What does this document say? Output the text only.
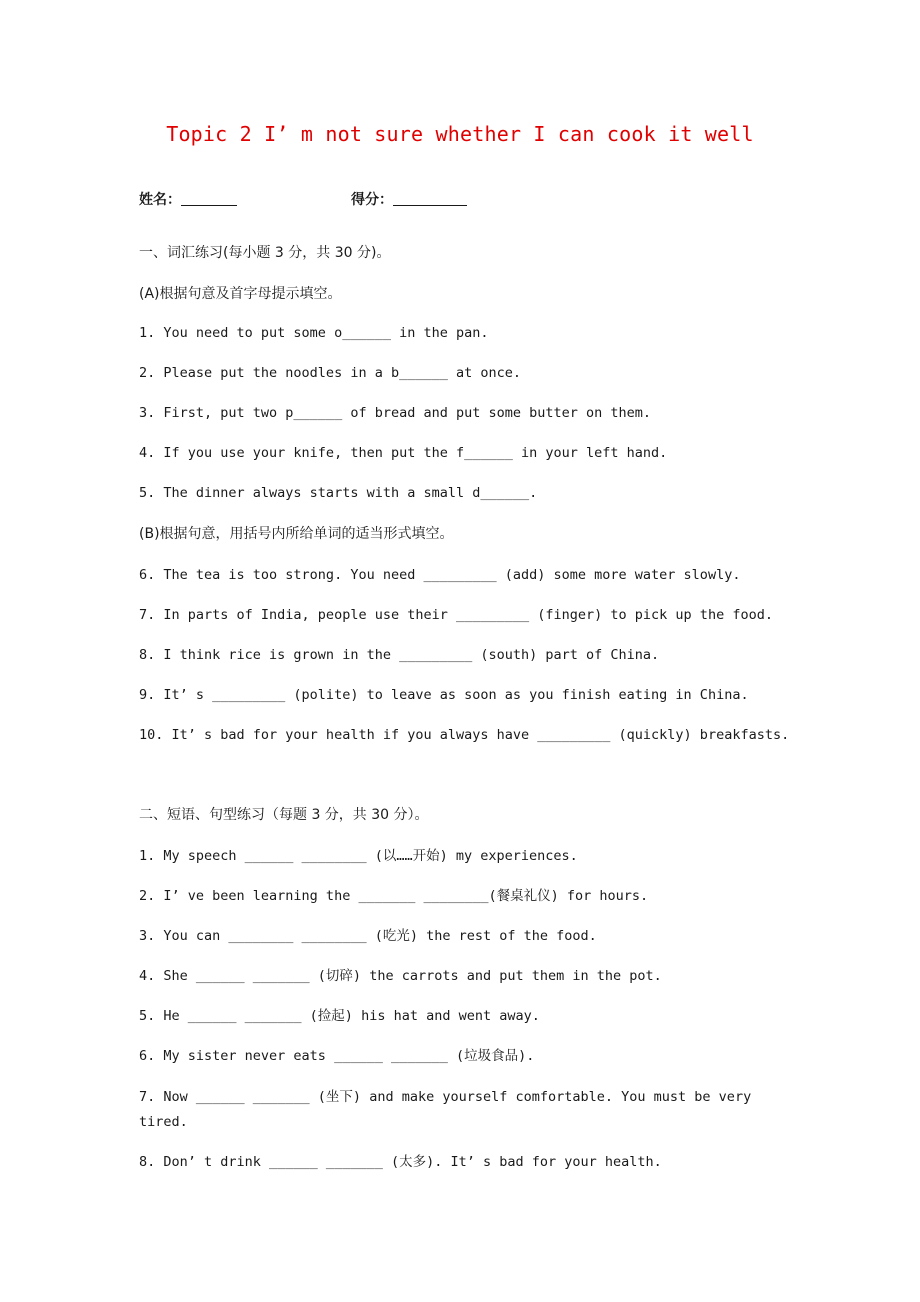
Topic 2 I’ m not sure whether I can cook it well
姓名：	得分：
一、词汇练习(每小题 3 分，共 30 分)。
(A)根据句意及首字母提示填空。
1. You need to put some o______ in the pan.
2. Please put the noodles in a b______ at once.
3. First, put two p______ of bread and put some butter on them.
4. If you use your knife, then put the f______ in your left hand.
5. The dinner always starts with a small d______.
(B)根据句意，用括号内所给单词的适当形式填空。
6. The tea is too strong. You need _________ (add) some more water slowly.
7. In parts of India, people use their _________ (finger) to pick up the food.
8. I think rice is grown in the _________ (south) part of China.
9. It’ s _________ (polite) to leave as soon as you finish eating in China.
10. It’ s bad for your health if you always have _________ (quickly) breakfasts.
二、短语、句型练习（每题 3 分，共 30 分）。
1. My speech ______ ________ (以……开始) my experiences.
2. I’ ve been learning the _______ ________(餐桌礼仪) for hours.
3. You can ________ ________ (吃光) the rest of the food.
4. She ______ _______ (切碎) the carrots and put them in the pot.
5. He ______ _______ (捡起) his hat and went away.
6. My sister never eats ______ _______ (垃圾食品).
7. Now ______ _______ (坐下) and make yourself comfortable. You must be very
tired.
8. Don’ t drink ______ _______ (太多). It’ s bad for your health.
